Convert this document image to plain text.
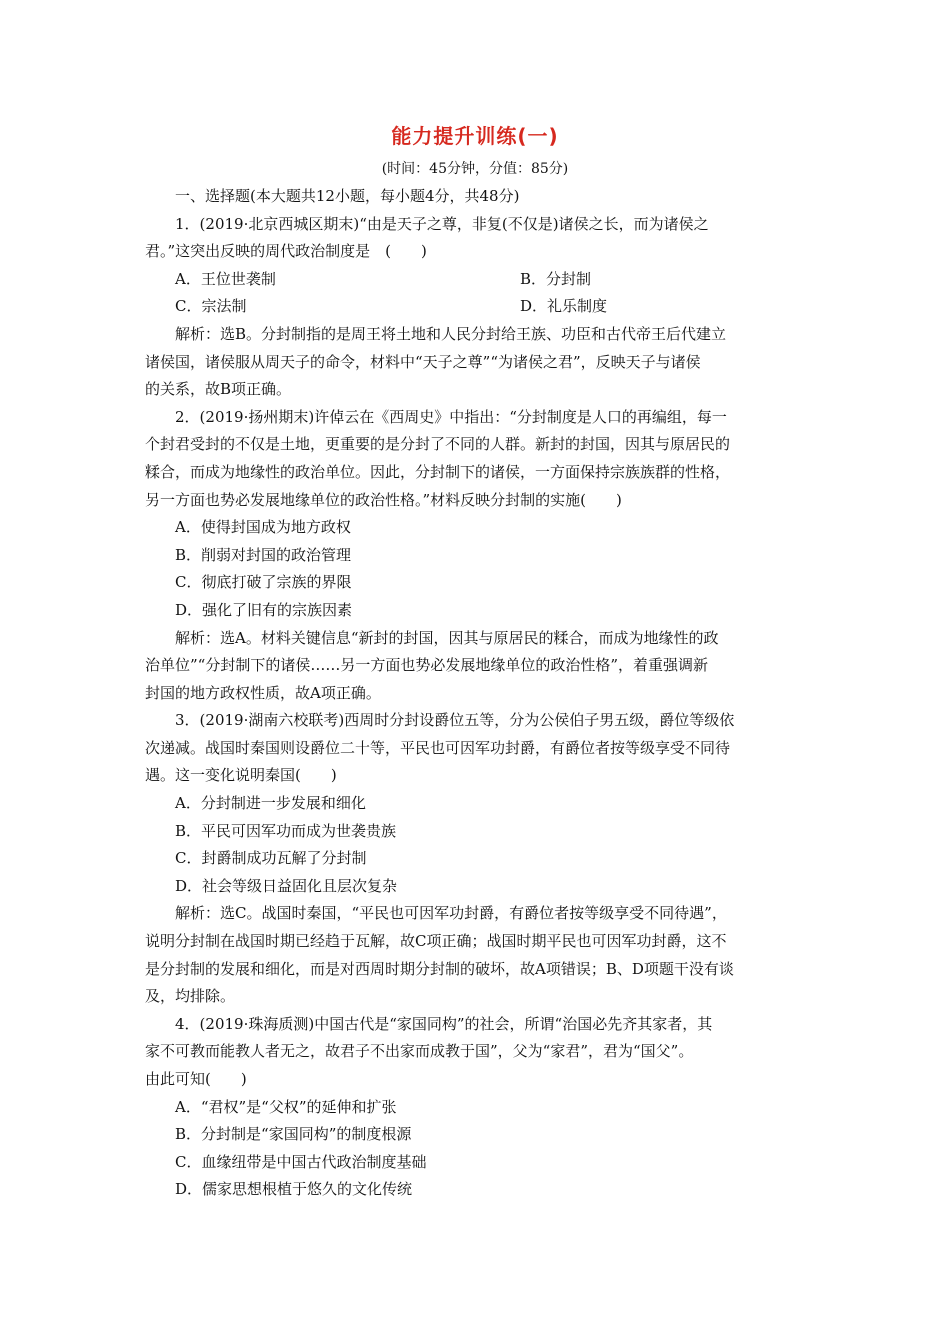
能力提升训练(一)
(时间：45分钟，分值：85分)
一、选择题(本大题共12小题，每小题4分，共48分)
1．(2019·北京西城区期末)“由是天子之尊，非复(不仅是)诸侯之长，而为诸侯之
君。”这突出反映的周代政治制度是　(　　)
A．王位世袭制	B．分封制
C．宗法制	D．礼乐制度
解析：选B。分封制指的是周王将土地和人民分封给王族、功臣和古代帝王后代建立
诸侯国，诸侯服从周天子的命令，材料中“天子之尊”“为诸侯之君”，反映天子与诸侯
的关系，故B项正确。
2．(2019·扬州期末)许倬云在《西周史》中指出：“分封制度是人口的再编组，每一
个封君受封的不仅是土地，更重要的是分封了不同的人群。新封的封国，因其与原居民的
糅合，而成为地缘性的政治单位。因此，分封制下的诸侯，一方面保持宗族族群的性格，
另一方面也势必发展地缘单位的政治性格。”材料反映分封制的实施(　　)
A．使得封国成为地方政权
B．削弱对封国的政治管理
C．彻底打破了宗族的界限
D．强化了旧有的宗族因素
解析：选A。材料关键信息“新封的封国，因其与原居民的糅合，而成为地缘性的政
治单位”“分封制下的诸侯……另一方面也势必发展地缘单位的政治性格”，着重强调新
封国的地方政权性质，故A项正确。
3．(2019·湖南六校联考)西周时分封设爵位五等，分为公侯伯子男五级，爵位等级依
次递减。战国时秦国则设爵位二十等，平民也可因军功封爵，有爵位者按等级享受不同待
遇。这一变化说明秦国(　　)
A．分封制进一步发展和细化
B．平民可因军功而成为世袭贵族
C．封爵制成功瓦解了分封制
D．社会等级日益固化且层次复杂
解析：选C。战国时秦国，“平民也可因军功封爵，有爵位者按等级享受不同待遇”，
说明分封制在战国时期已经趋于瓦解，故C项正确；战国时期平民也可因军功封爵，这不
是分封制的发展和细化，而是对西周时期分封制的破坏，故A项错误；B、D项题干没有谈
及，均排除。
4．(2019·珠海质测)中国古代是“家国同构”的社会，所谓“治国必先齐其家者，其
家不可教而能教人者无之，故君子不出家而成教于国”，父为“家君”，君为“国父”。
由此可知(　　)
A．“君权”是“父权”的延伸和扩张
B．分封制是“家国同构”的制度根源
C．血缘纽带是中国古代政治制度基础
D．儒家思想根植于悠久的文化传统
